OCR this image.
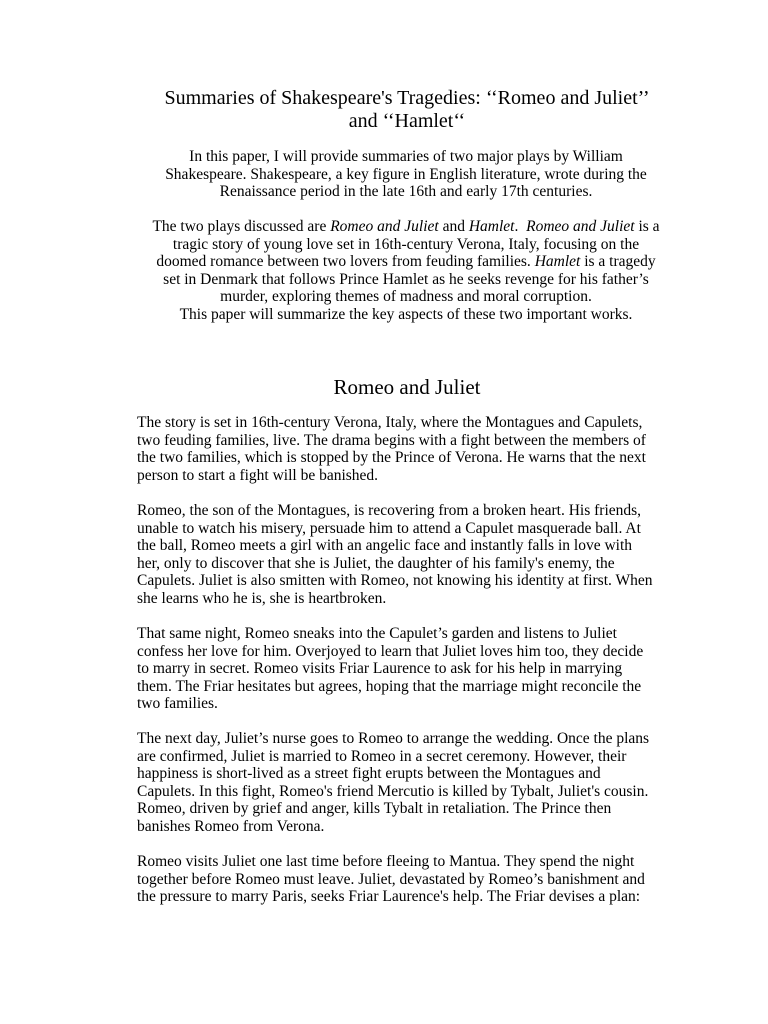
Summaries of Shakespeare's Tragedies: ‘‘Romeo and Juliet’’
and ‘‘Hamlet‘‘

In this paper, I will provide summaries of two major plays by William
Shakespeare. Shakespeare, a key figure in English literature, wrote during the
Renaissance period in the late 16th and early 17th centuries.

The two plays discussed are Romeo and Juliet and Hamlet.  Romeo and Juliet is a
tragic story of young love set in 16th-century Verona, Italy, focusing on the
doomed romance between two lovers from feuding families. Hamlet is a tragedy
set in Denmark that follows Prince Hamlet as he seeks revenge for his father’s
murder, exploring themes of madness and moral corruption.
This paper will summarize the key aspects of these two important works.

Romeo and Juliet

The story is set in 16th-century Verona, Italy, where the Montagues and Capulets,
two feuding families, live. The drama begins with a fight between the members of
the two families, which is stopped by the Prince of Verona. He warns that the next
person to start a fight will be banished.

Romeo, the son of the Montagues, is recovering from a broken heart. His friends,
unable to watch his misery, persuade him to attend a Capulet masquerade ball. At
the ball, Romeo meets a girl with an angelic face and instantly falls in love with
her, only to discover that she is Juliet, the daughter of his family's enemy, the
Capulets. Juliet is also smitten with Romeo, not knowing his identity at first. When
she learns who he is, she is heartbroken.

That same night, Romeo sneaks into the Capulet’s garden and listens to Juliet
confess her love for him. Overjoyed to learn that Juliet loves him too, they decide
to marry in secret. Romeo visits Friar Laurence to ask for his help in marrying
them. The Friar hesitates but agrees, hoping that the marriage might reconcile the
two families.

The next day, Juliet’s nurse goes to Romeo to arrange the wedding. Once the plans
are confirmed, Juliet is married to Romeo in a secret ceremony. However, their
happiness is short-lived as a street fight erupts between the Montagues and
Capulets. In this fight, Romeo's friend Mercutio is killed by Tybalt, Juliet's cousin.
Romeo, driven by grief and anger, kills Tybalt in retaliation. The Prince then
banishes Romeo from Verona.

Romeo visits Juliet one last time before fleeing to Mantua. They spend the night
together before Romeo must leave. Juliet, devastated by Romeo’s banishment and
the pressure to marry Paris, seeks Friar Laurence's help. The Friar devises a plan:
